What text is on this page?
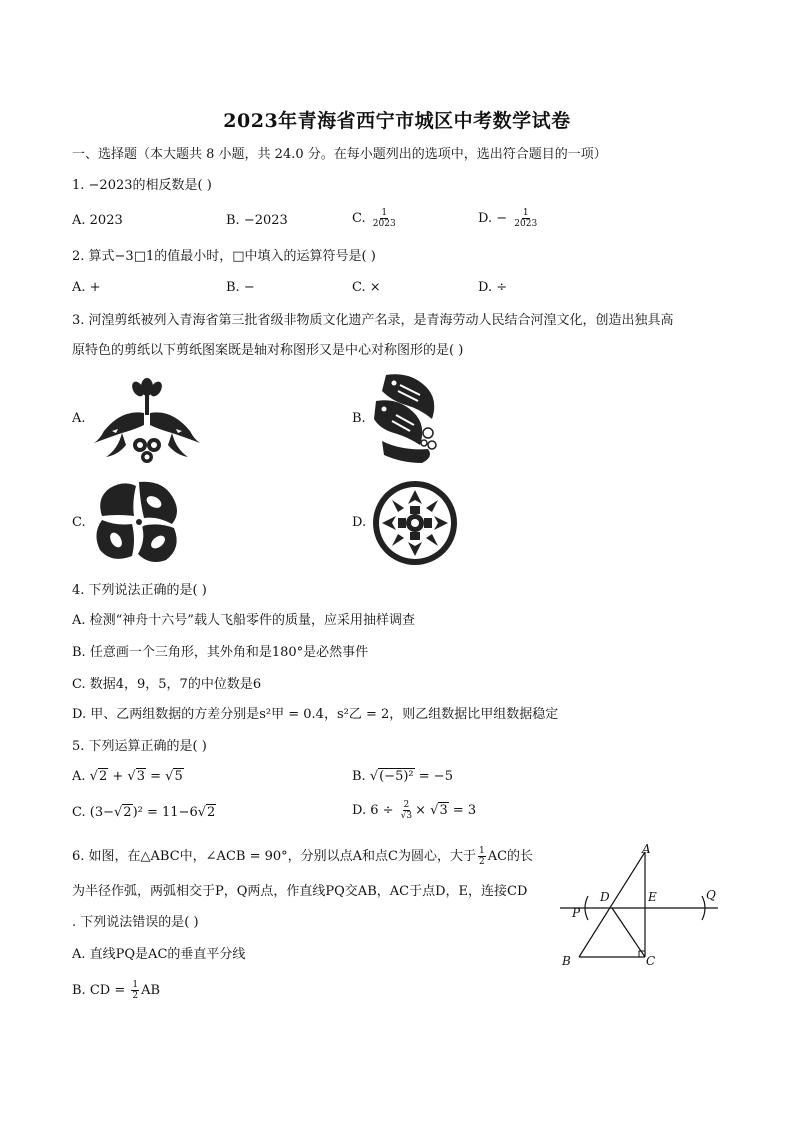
2023年青海省西宁市城区中考数学试卷
一、选择题（本大题共 8 小题，共 24.0 分。在每小题列出的选项中，选出符合题目的一项）
1. −2023的相反数是( )
A. 2023	B. −2023	C. $\frac{1}{2023}$	D. − $\frac{1}{2023}$
2. 算式−3□1的值最小时，□中填入的运算符号是( )
A. +	B. −	C. ×	D. ÷
3. 河湟剪纸被列入青海省第三批省级非物质文化遗产名录，是青海劳动人民结合河湟文化，创造出独具高
原特色的剪纸以下剪纸图案既是轴对称图形又是中心对称图形的是( )
A.	B.
C.	D.
4. 下列说法正确的是( )
A. 检测“神舟十六号”载人飞船零件的质量，应采用抽样调查
B. 任意画一个三角形，其外角和是180°是必然事件
C. 数据4，9，5，7的中位数是6
D. 甲、乙两组数据的方差分别是s²甲 = 0.4，s²乙 = 2，则乙组数据比甲组数据稳定
5. 下列运算正确的是( )
A. √2 + √3 = √5	B. √(−5)² = −5
C. (3−√2)² = 11−6√2	D. $6 \div \frac{2}{√3} \times √3 = 3$
6. 如图，在△ABC中，∠ACB = 90°，分别以点A和点C为圆心，大于 $\frac{1}{2}$ AC的长
为半径作弧，两弧相交于P，Q两点，作直线PQ交AB，AC于点D，E，连接CD
. 下列说法错误的是( )
A. 直线PQ是AC的垂直平分线
B. CD = $\frac{1}{2}$ AB
A
B	C
D	E
P
Q
